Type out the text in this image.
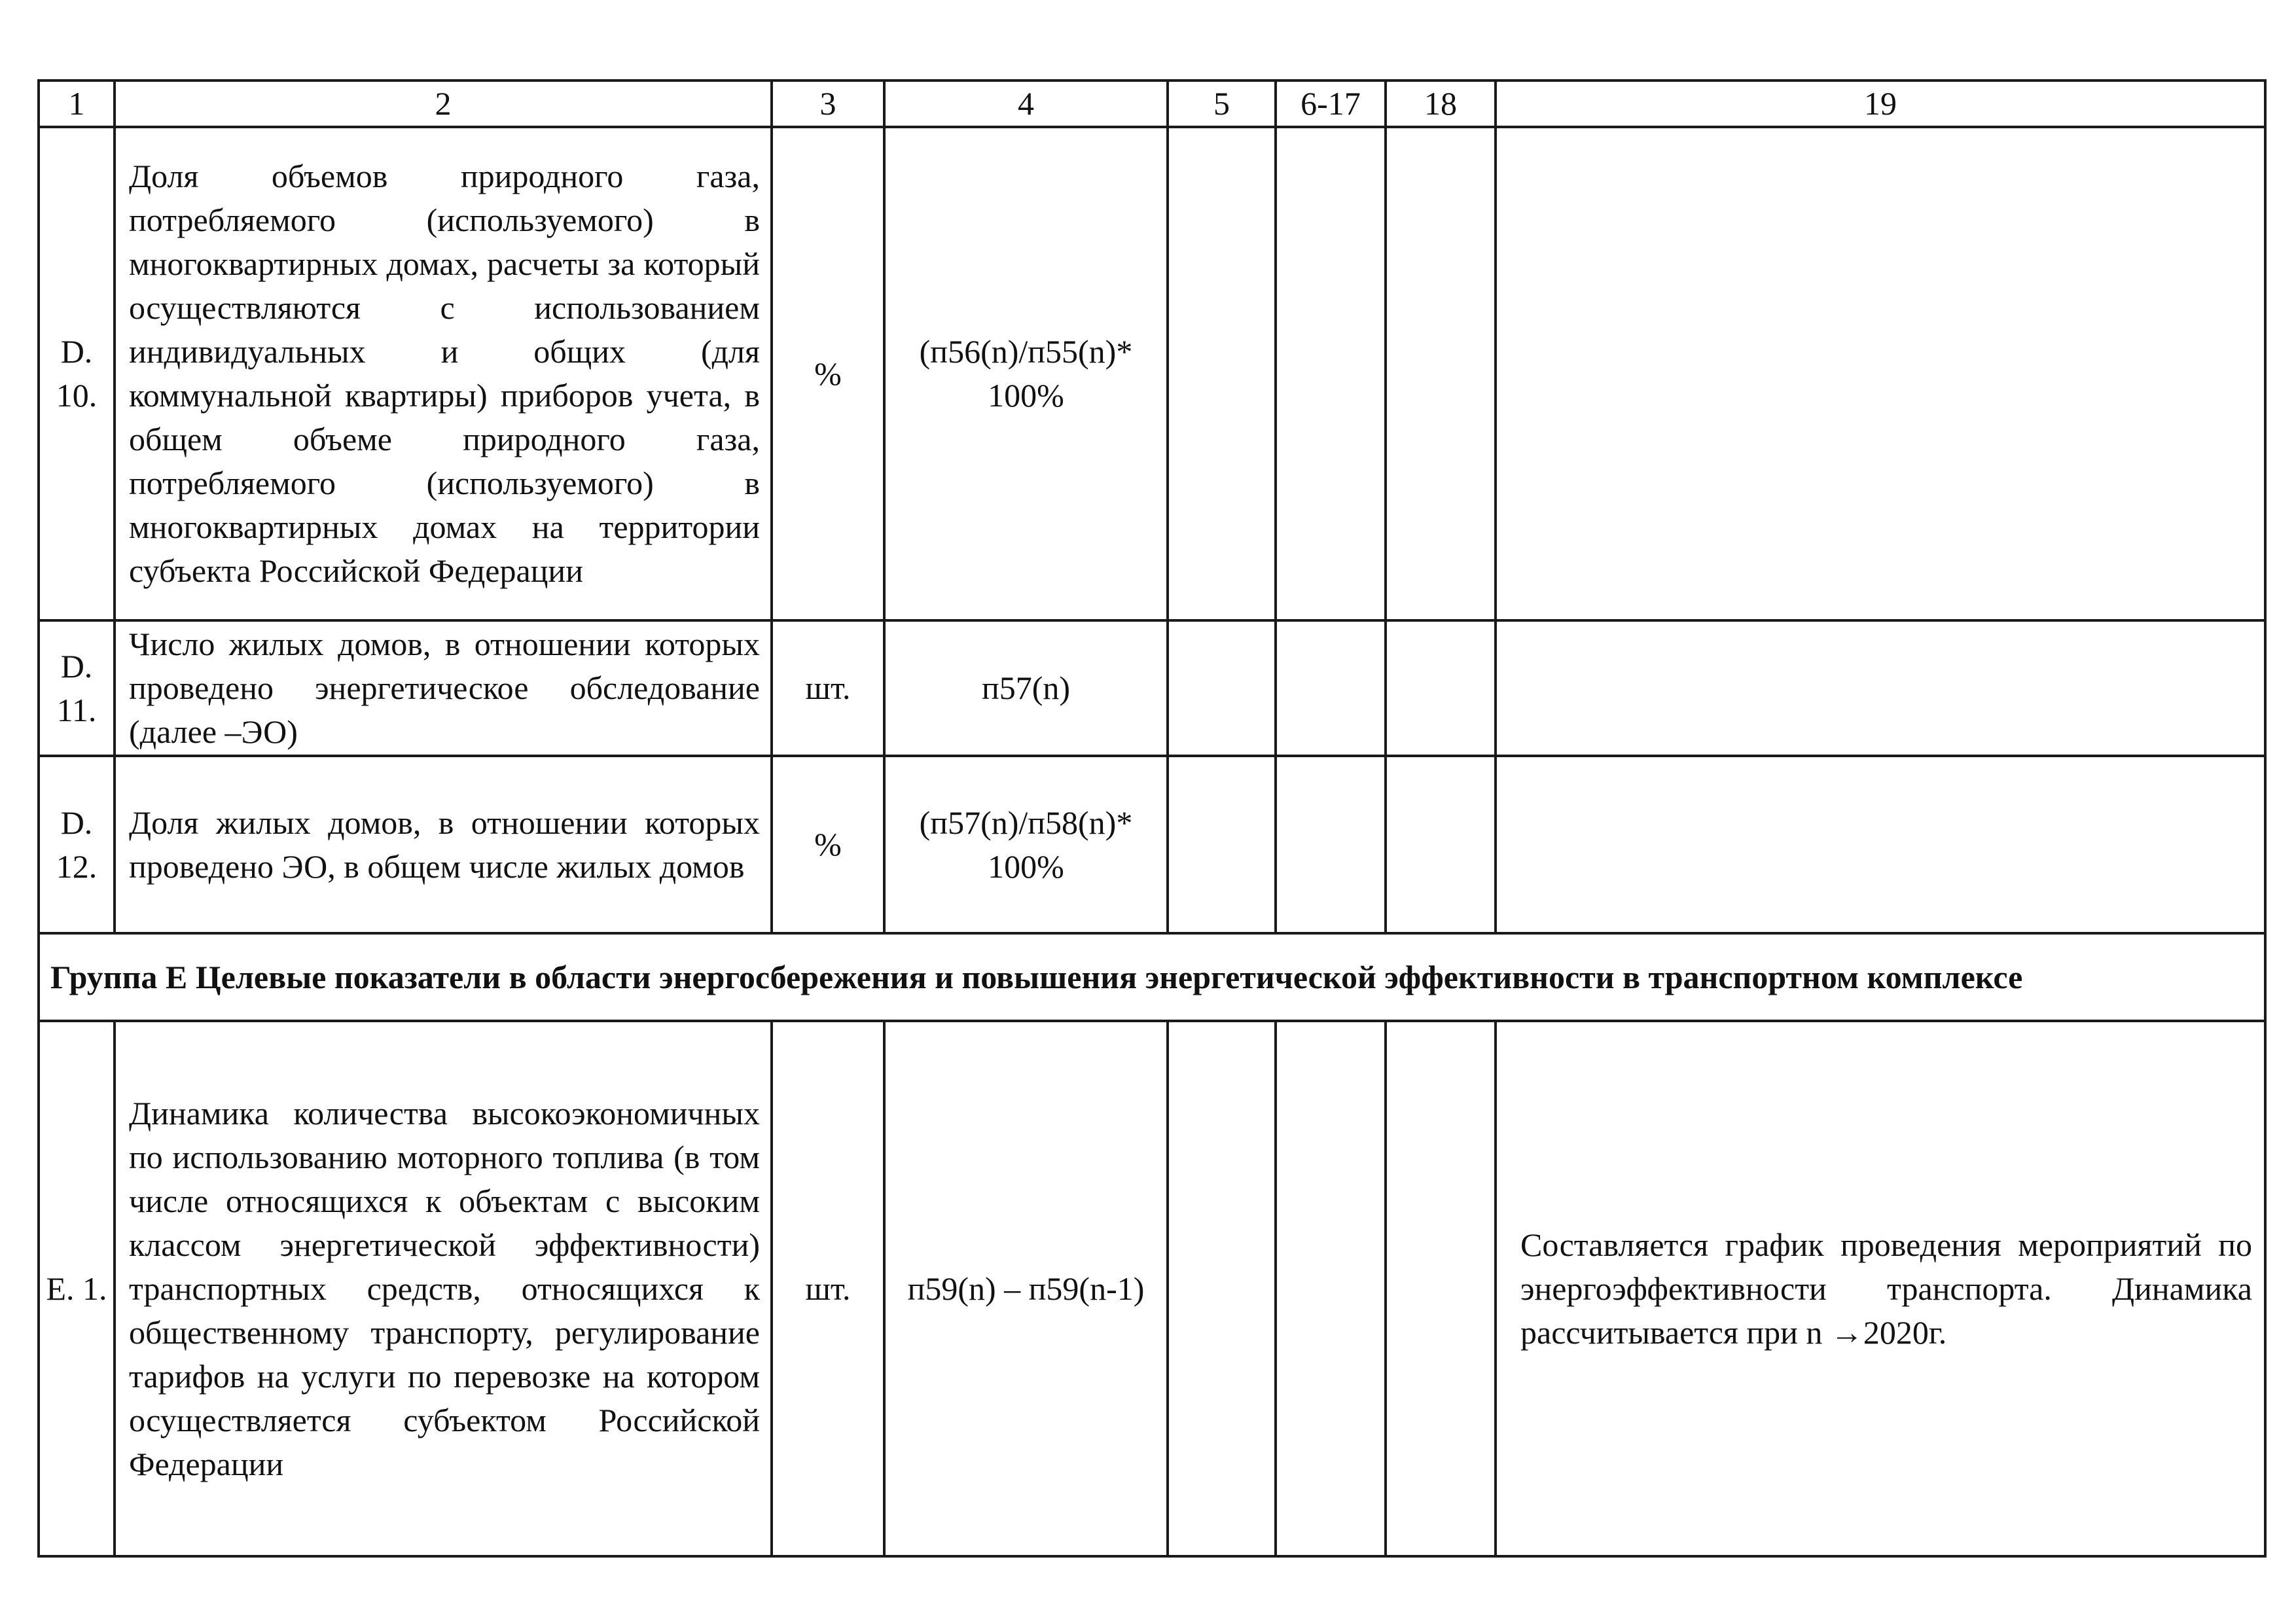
1	2	3	4	5	6-17	18	19
D. 10.	Доля объемов природного газа, потребляемого (используемого) в многоквартирных домах, расчеты за который осуществляются с использованием индивидуальных и общих (для коммунальной квартиры) приборов учета, в общем объеме природного газа, потребляемого (используемого) в многоквартирных домах на территории субъекта Российской Федерации	%	(п56(n)/п55(n)* 100%				
D. 11.	Число жилых домов, в отношении которых проведено энергетическое обследование (далее –ЭО)	шт.	п57(n)				
D. 12.	Доля жилых домов, в отношении которых проведено ЭО, в общем числе жилых домов	%	(п57(n)/п58(n)* 100%				
Группа Е Целевые показатели в области энергосбережения и повышения энергетической эффективности в транспортном комплексе							
Е. 1.	Динамика количества высокоэкономичных по использованию моторного топлива (в том числе относящихся к объектам с высоким классом энергетической эффективности) транспортных средств, относящихся к общественному транспорту, регулирование тарифов на услуги по перевозке на котором осуществляется субъектом Российской Федерации	шт.	п59(n) – п59(n-1)				Составляется график проведения мероприятий по энергоэффективности транспорта. Динамика рассчитывается при n →2020г.
